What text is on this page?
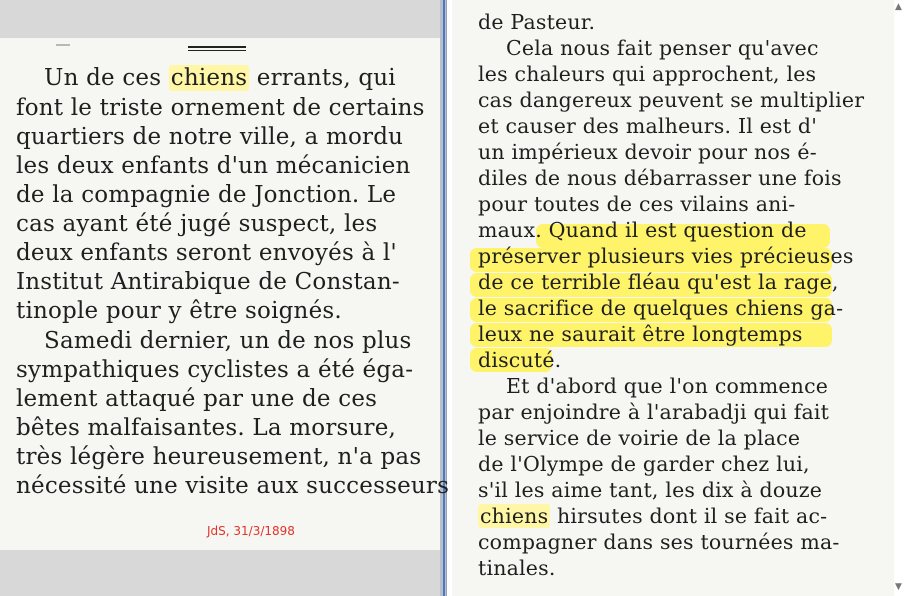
▲
▼
Un de ces chiens errants, qui
font le triste ornement de certains
quartiers de notre ville, a mordu
les deux enfants d'un mécanicien
de la compagnie de Jonction. Le
cas ayant été jugé suspect, les
deux enfants seront envoyés à l'
Institut Antirabique de Constan-
tinople pour y être soignés.
Samedi dernier, un de nos plus
sympathiques cyclistes a été éga-
lement attaqué par une de ces
bêtes malfaisantes. La morsure,
très légère heureusement, n'a pas
nécessité une visite aux successeurs
JdS, 31/3/1898
de Pasteur.
Cela nous fait penser qu'avec
les chaleurs qui approchent, les
cas dangereux peuvent se multiplier
et causer des malheurs. Il est d'
un impérieux devoir pour nos é-
diles de nous débarrasser une fois
pour toutes de ces vilains ani-
maux. Quand il est question de
préserver plusieurs vies précieuses
de ce terrible fléau qu'est la rage,
le sacrifice de quelques chiens ga-
leux ne saurait être longtemps
discuté.
Et d'abord que l'on commence
par enjoindre à l'arabadji qui fait
le service de voirie de la place
de l'Olympe de garder chez lui,
s'il les aime tant, les dix à douze
chiens hirsutes dont il se fait ac-
compagner dans ses tournées ma-
tinales.
